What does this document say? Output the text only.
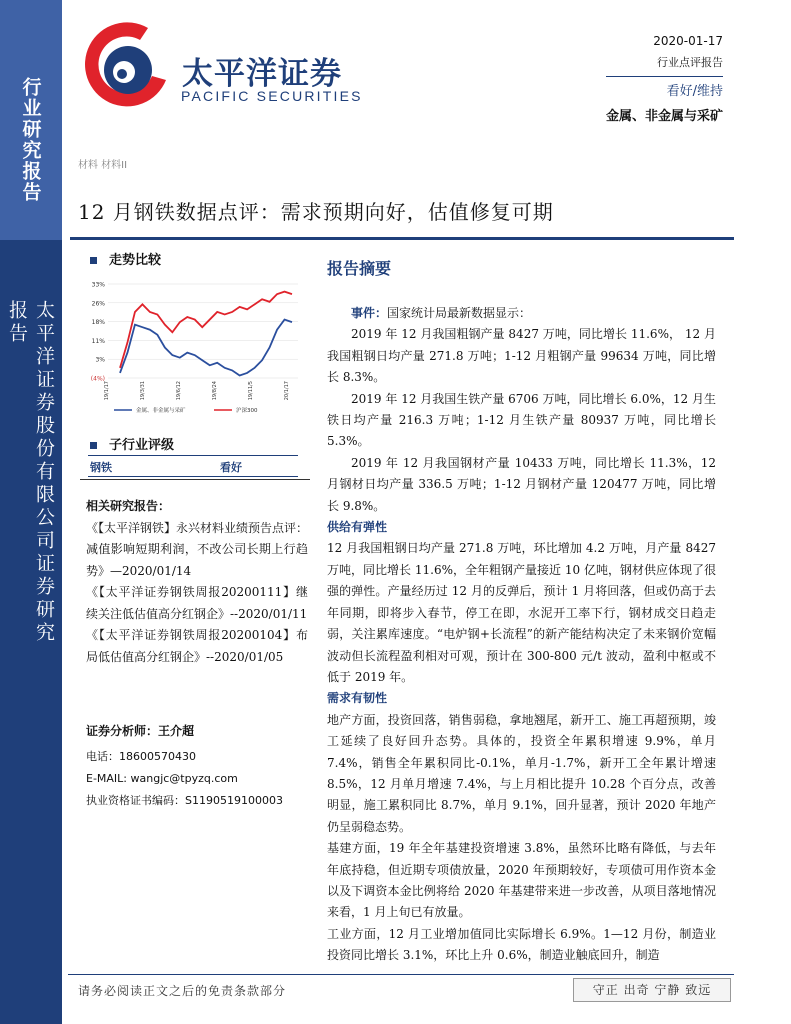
行业研究报告
太平洋证券股份有限公司证券研究报告
太平洋证券
PACIFIC SECURITIES
2020-01-17
行业点评报告
看好/维持
金属、非金属与采矿
材料 材料II
12 月钢铁数据点评：需求预期向好，估值修复可期
走势比较
33%
26%
18%
11%
3%
(4%)
19/1/17	19/3/31	19/6/12	19/8/24	19/11/5	20/1/17
金属、非金属与采矿	沪深300
子行业评级
钢铁	看好
相关研究报告：
《【太平洋钢铁】永兴材料业绩预告点评：减值影响短期利润，不改公司长期上行趋势》—2020/01/14
《【太平洋证券钢铁周报20200111】继续关注低估值高分红钢企》--2020/01/11
《【太平洋证券钢铁周报20200104】布局低估值高分红钢企》--2020/01/05
证券分析师：王介超
电话：18600570430
E-MAIL: wangjc@tpyzq.com
执业资格证书编码：S1190519100003
报告摘要

事件：国家统计局最新数据显示：

2019 年 12 月我国粗钢产量 8427 万吨，同比增长 11.6%， 12 月我国粗钢日均产量 271.8 万吨；1-12 月粗钢产量 99634 万吨，同比增长 8.3%。

2019 年 12 月我国生铁产量 6706 万吨，同比增长 6.0%，12 月生铁日均产量 216.3 万吨；1-12 月生铁产量 80937 万吨，同比增长 5.3%。

2019 年 12 月我国钢材产量 10433 万吨，同比增长 11.3%，12 月钢材日均产量 336.5 万吨；1-12 月钢材产量 120477 万吨，同比增长 9.8%。

供给有弹性

12 月我国粗钢日均产量 271.8 万吨，环比增加 4.2 万吨，月产量 8427 万吨，同比增长 11.6%，全年粗钢产量接近 10 亿吨，钢材供应体现了很强的弹性。产量经历过 12 月的反弹后，预计 1 月将回落，但或仍高于去年同期，即将步入春节，停工在即，水泥开工率下行，钢材成交日趋走弱，关注累库速度。“电炉钢+长流程”的新产能结构决定了未来钢价宽幅波动但长流程盈利相对可观，预计在 300-800 元/t 波动，盈利中枢或不低于 2019 年。

需求有韧性

地产方面，投资回落，销售弱稳，拿地翘尾，新开工、施工再超预期，竣工延续了良好回升态势。具体的，投资全年累积增速 9.9%，单月 7.4%，销售全年累积同比-0.1%，单月-1.7%，新开工全年累计增速 8.5%，12 月单月增速 7.4%，与上月相比提升 10.28 个百分点，改善明显，施工累积同比 8.7%，单月 9.1%，回升显著，预计 2020 年地产仍呈弱稳态势。

基建方面，19 年全年基建投资增速 3.8%，虽然环比略有降低，与去年年底持稳，但近期专项债放量，2020 年预期较好，专项债可用作资本金以及下调资本金比例将给 2020 年基建带来进一步改善，从项目落地情况来看，1 月上旬已有放量。

工业方面，12 月工业增加值同比实际增长 6.9%。1—12 月份，制造业投资同比增长 3.1%，环比上升 0.6%，制造业触底回升，制造

请务必阅读正文之后的免责条款部分	守正 出奇 宁静 致远
